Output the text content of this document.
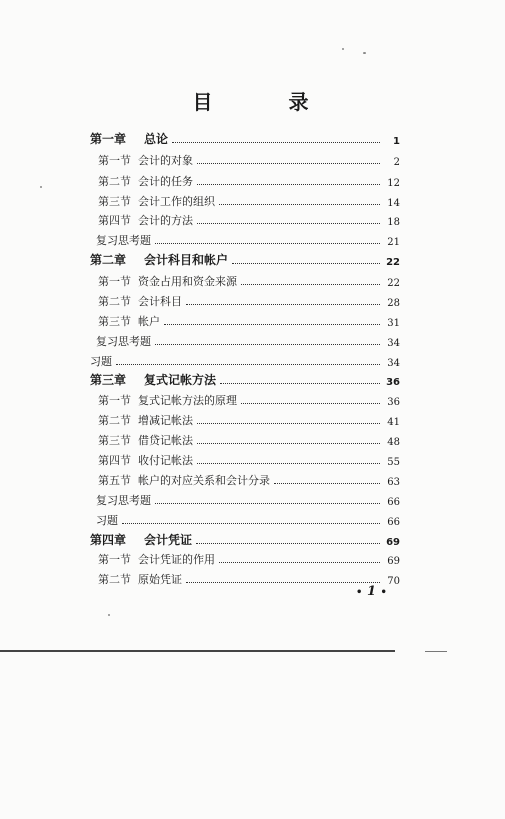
目　录
第一章	总论	1
第一节 会计的对象	2
第二节 会计的任务	12
第三节 会计工作的组织	14
第四节 会计的方法	18
复习思考题	21
第二章	会计科目和帐户	22
第一节 资金占用和资金来源	22
第二节 会计科目	28
第三节 帐户	31
复习思考题	34
习题	34
第三章	复式记帐方法	36
第一节 复式记帐方法的原理	36
第二节 增减记帐法	41
第三节 借贷记帐法	48
第四节 收付记帐法	55
第五节 帐户的对应关系和会计分录	63
复习思考题	66
习题	66
第四章	会计凭证	69
第一节 会计凭证的作用	69
第二节 原始凭证	70
• 1 •
